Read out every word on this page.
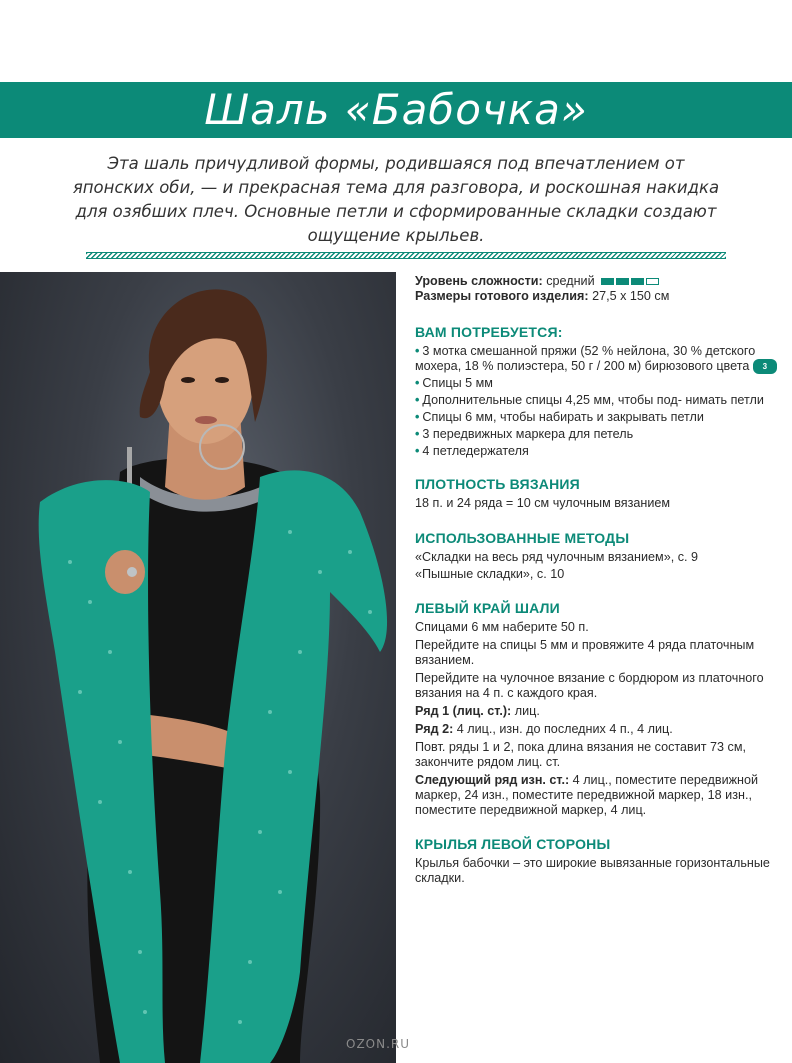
Шаль «Бабочка»
Эта шаль причудливой формы, родившаяся под впечатлением от японских оби, — и прекрасная тема для разговора, и роскошная накидка для озябших плеч. Основные петли и сформированные складки создают ощущение крыльев.
OZON.RU

Уровень сложности: средний

Размеры готового изделия: 27,5 х 150 см

ВАМ ПОТРЕБУЕТСЯ:

• 3 мотка смешанной пряжи (52 % нейлона, 30 % детского мохера, 18 % полиэстера, 50 г / 200 м) бирюзового цвета 3
• Спицы 5 мм
• Дополнительные спицы 4,25 мм, чтобы под- нимать петли
• Спицы 6 мм, чтобы набирать и закрывать петли
• 3 передвижных маркера для петель
• 4 петледержателя

ПЛОТНОСТЬ ВЯЗАНИЯ

18 п. и 24 ряда = 10 см чулочным вязанием

ИСПОЛЬЗОВАННЫЕ МЕТОДЫ

«Складки на весь ряд чулочным вязанием», с. 9

«Пышные складки», с. 10

ЛЕВЫЙ КРАЙ ШАЛИ

Спицами 6 мм наберите 50 п.

Перейдите на спицы 5 мм и провяжите 4 ряда платочным вязанием.

Перейдите на чулочное вязание с бордюром из платочного вязания на 4 п. с каждого края.

Ряд 1 (лиц. ст.): лиц.

Ряд 2: 4 лиц., изн. до последних 4 п., 4 лиц.

Повт. ряды 1 и 2, пока длина вязания не составит 73 см, закончите рядом лиц. ст.

Следующий ряд изн. ст.: 4 лиц., поместите передвижной маркер, 24 изн., поместите передвижной маркер, 18 изн., поместите передвижной маркер, 4 лиц.

КРЫЛЬЯ ЛЕВОЙ СТОРОНЫ

Крылья бабочки – это широкие вывязанные горизонтальные складки.
